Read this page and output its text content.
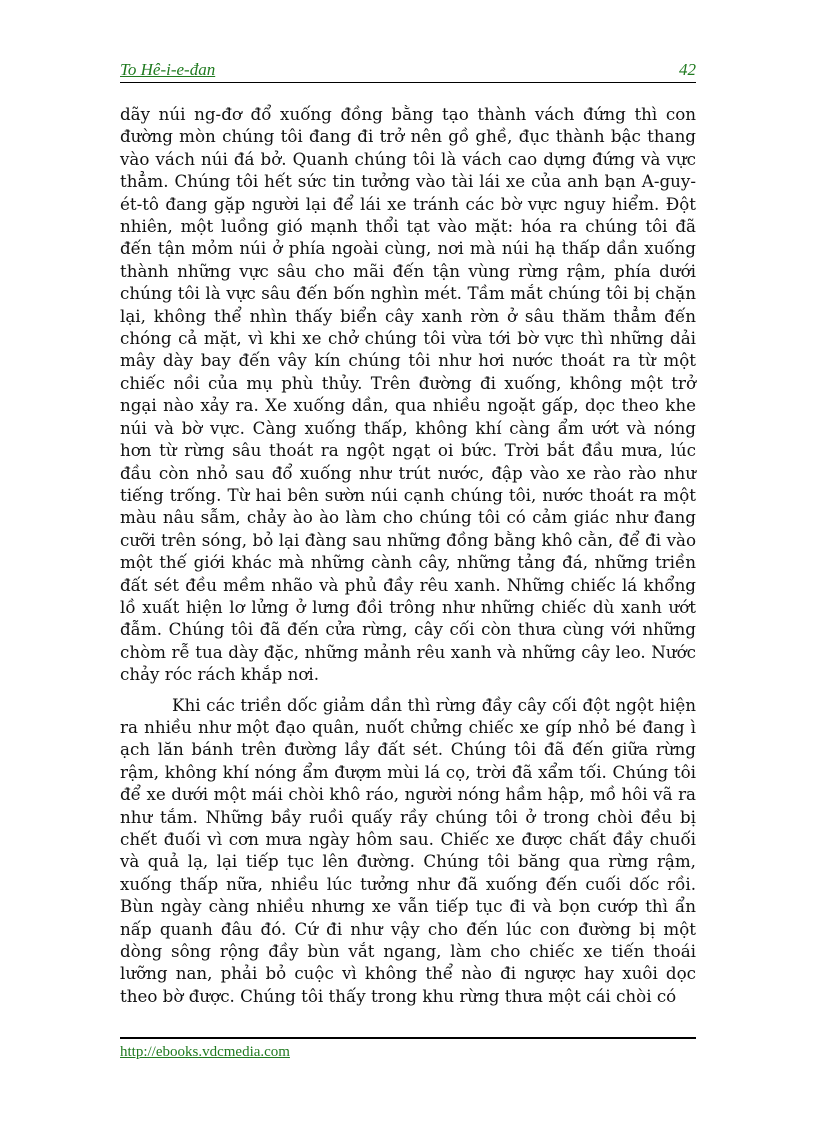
To Hê-i-e-đan	42

dãy núi ng-đơ đổ xuống đồng bằng tạo thành vách đứng thì con đường mòn chúng tôi đang đi trở nên gồ ghề, đục thành bậc thang vào vách núi đá bở. Quanh chúng tôi là vách cao dựng đứng và vực thẳm. Chúng tôi hết sức tin tưởng vào tài lái xe của anh bạn A-guy-ét-tô đang gặp người lại để lái xe tránh các bờ vực nguy hiểm. Đột nhiên, một luồng gió mạnh thổi tạt vào mặt: hóa ra chúng tôi đã đến tận mỏm núi ở phía ngoài cùng, nơi mà núi hạ thấp dần xuống thành những vực sâu cho mãi đến tận vùng rừng rậm, phía dưới chúng tôi là vực sâu đến bốn nghìn mét. Tầm mắt chúng tôi bị chặn lại, không thể nhìn thấy biển cây xanh rờn ở sâu thăm thẳm đến chóng cả mặt, vì khi xe chở chúng tôi vừa tới bờ vực thì những dải mây dày bay đến vây kín chúng tôi như hơi nước thoát ra từ một chiếc nồi của mụ phù thủy. Trên đường đi xuống, không một trở ngại nào xảy ra. Xe xuống dần, qua nhiều ngoặt gấp, dọc theo khe núi và bờ vực. Càng xuống thấp, không khí càng ẩm ướt và nóng hơn từ rừng sâu thoát ra ngột ngạt oi bức. Trời bắt đầu mưa, lúc đầu còn nhỏ sau đổ xuống như trút nước, đập vào xe rào rào như tiếng trống. Từ hai bên sườn núi cạnh chúng tôi, nước thoát ra một màu nâu sẫm, chảy ào ào làm cho chúng tôi có cảm giác như đang cưỡi trên sóng, bỏ lại đàng sau những đồng bằng khô cằn, để đi vào một thế giới khác mà những cành cây, những tảng đá, những triền đất sét đều mềm nhão và phủ đầy rêu xanh. Những chiếc lá khổng lồ xuất hiện lơ lửng ở lưng đồi trông như những chiếc dù xanh ướt đẫm. Chúng tôi đã đến cửa rừng, cây cối còn thưa cùng với những chòm rễ tua dày đặc, những mảnh rêu xanh và những cây leo. Nước chảy róc rách khắp nơi.

Khi các triền dốc giảm dần thì rừng đầy cây cối đột ngột hiện ra nhiều như một đạo quân, nuốt chửng chiếc xe gíp nhỏ bé đang ì ạch lăn bánh trên đường lầy đất sét. Chúng tôi đã đến giữa rừng rậm, không khí nóng ẩm đượm mùi lá cọ, trời đã xẩm tối. Chúng tôi để xe dưới một mái chòi khô ráo, người nóng hầm hập, mồ hôi vã ra như tắm. Những bầy ruồi quấy rầy chúng tôi ở trong chòi đều bị chết đuối vì cơn mưa ngày hôm sau. Chiếc xe được chất đầy chuối và quả lạ, lại tiếp tục lên đường. Chúng tôi băng qua rừng rậm, xuống thấp nữa, nhiều lúc tưởng như đã xuống đến cuối dốc rồi. Bùn ngày càng nhiều nhưng xe vẫn tiếp tục đi và bọn cướp thì ẩn nấp quanh đâu đó. Cứ đi như vậy cho đến lúc con đường bị một dòng sông rộng đầy bùn vắt ngang, làm cho chiếc xe tiến thoái lưỡng nan, phải bỏ cuộc vì không thể nào đi ngược hay xuôi dọc theo bờ được. Chúng tôi thấy trong khu rừng thưa một cái chòi có

http://ebooks.vdcmedia.com
